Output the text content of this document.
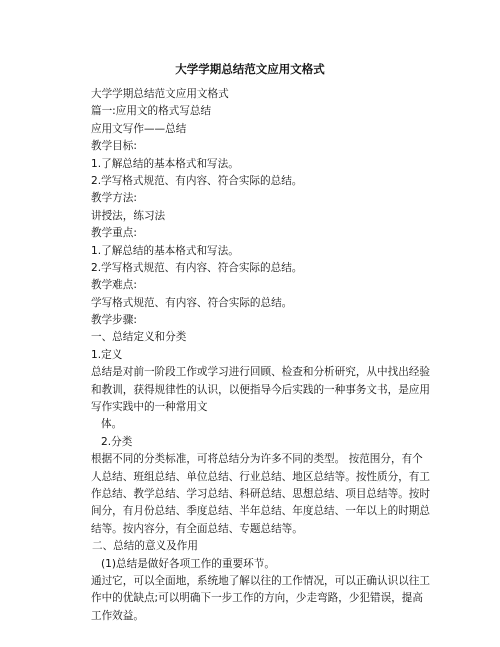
大学学期总结范文应用文格式
大学学期总结范文应用文格式
篇一:应用文的格式写总结
应用文写作——总结
教学目标:
1.了解总结的基本格式和写法。
2.学写格式规范、有内容、符合实际的总结。
教学方法:
讲授法，练习法
教学重点:
1.了解总结的基本格式和写法。
2.学写格式规范、有内容、符合实际的总结。
教学难点:
学写格式规范、有内容、符合实际的总结。
教学步骤:
一、总结定义和分类
1.定义
总结是对前一阶段工作或学习进行回顾、检查和分析研究，从中找出经验和教训，获得规律性的认识，以便指导今后实践的一种事务文书，是应用写作实践中的一种常用文
体。
2.分类
根据不同的分类标准，可将总结分为许多不同的类型。 按范围分，有个人总结、班组总结、单位总结、行业总结、地区总结等。按性质分，有工作总结、教学总结、学习总结、科研总结、思想总结、项目总结等。按时间分，有月份总结、季度总结、半年总结、年度总结、一年以上的时期总结等。按内容分，有全面总结、专题总结等。
二、总结的意义及作用
(1)总结是做好各项工作的重要环节。
通过它，可以全面地，系统地了解以往的工作情况，可以正确认识以往工作中的优缺点;可以明确下一步工作的方向，少走弯路，少犯错误，提高工作效益。
